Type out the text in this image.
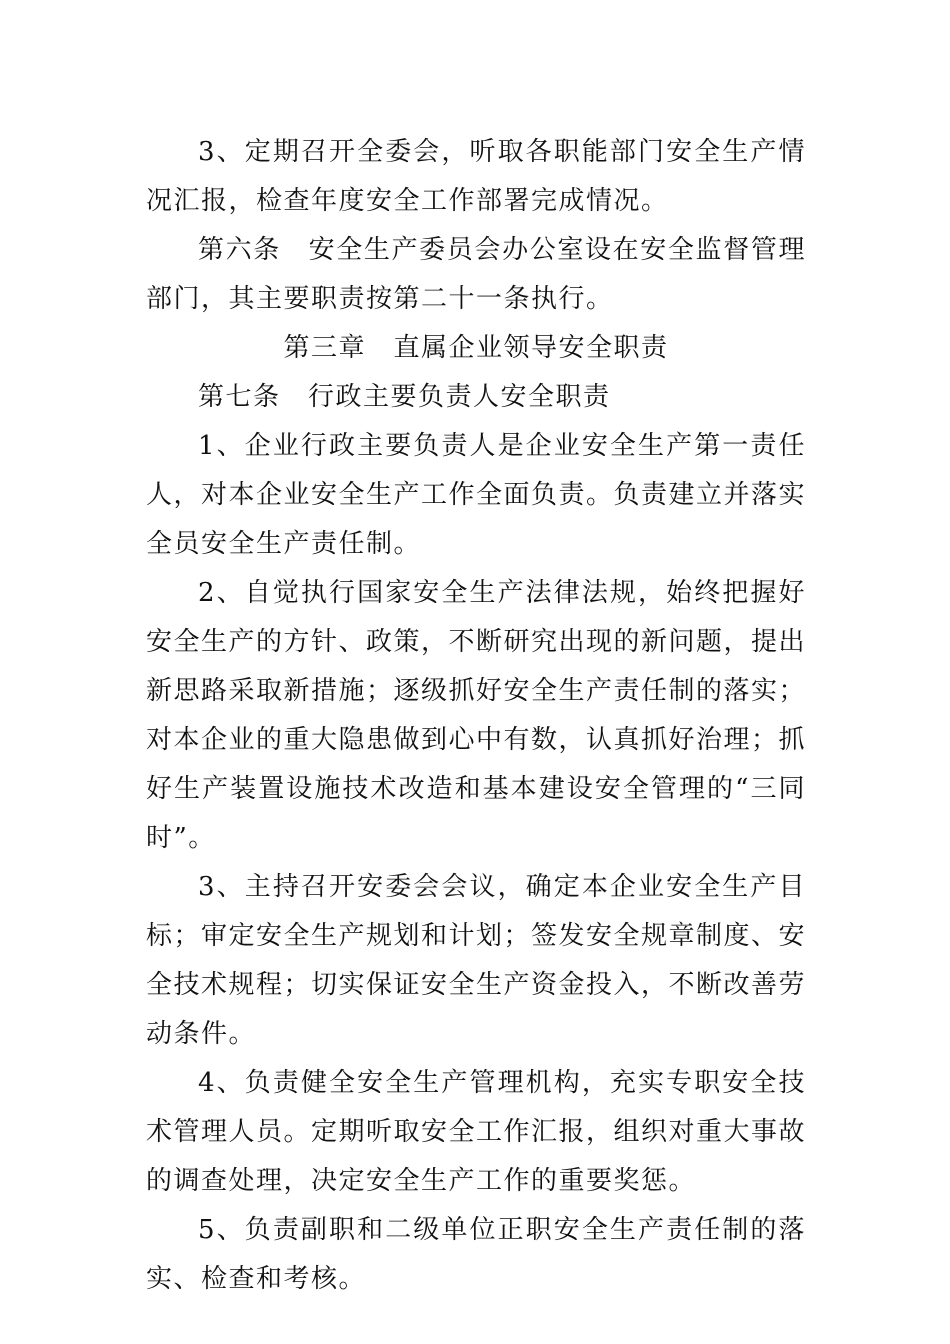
3、定期召开全委会，听取各职能部门安全生产情况汇报，检查年度安全工作部署完成情况。

第六条　安全生产委员会办公室设在安全监督管理部门，其主要职责按第二十一条执行。

第三章　直属企业领导安全职责

第七条　行政主要负责人安全职责

1、企业行政主要负责人是企业安全生产第一责任人，对本企业安全生产工作全面负责。负责建立并落实全员安全生产责任制。

2、自觉执行国家安全生产法律法规，始终把握好安全生产的方针、政策，不断研究出现的新问题，提出新思路采取新措施；逐级抓好安全生产责任制的落实；对本企业的重大隐患做到心中有数，认真抓好治理；抓好生产装置设施技术改造和基本建设安全管理的“三同时”。

3、主持召开安委会会议，确定本企业安全生产目标；审定安全生产规划和计划；签发安全规章制度、安全技术规程；切实保证安全生产资金投入，不断改善劳动条件。

4、负责健全安全生产管理机构，充实专职安全技术管理人员。定期听取安全工作汇报，组织对重大事故的调查处理，决定安全生产工作的重要奖惩。

5、负责副职和二级单位正职安全生产责任制的落实、检查和考核。
